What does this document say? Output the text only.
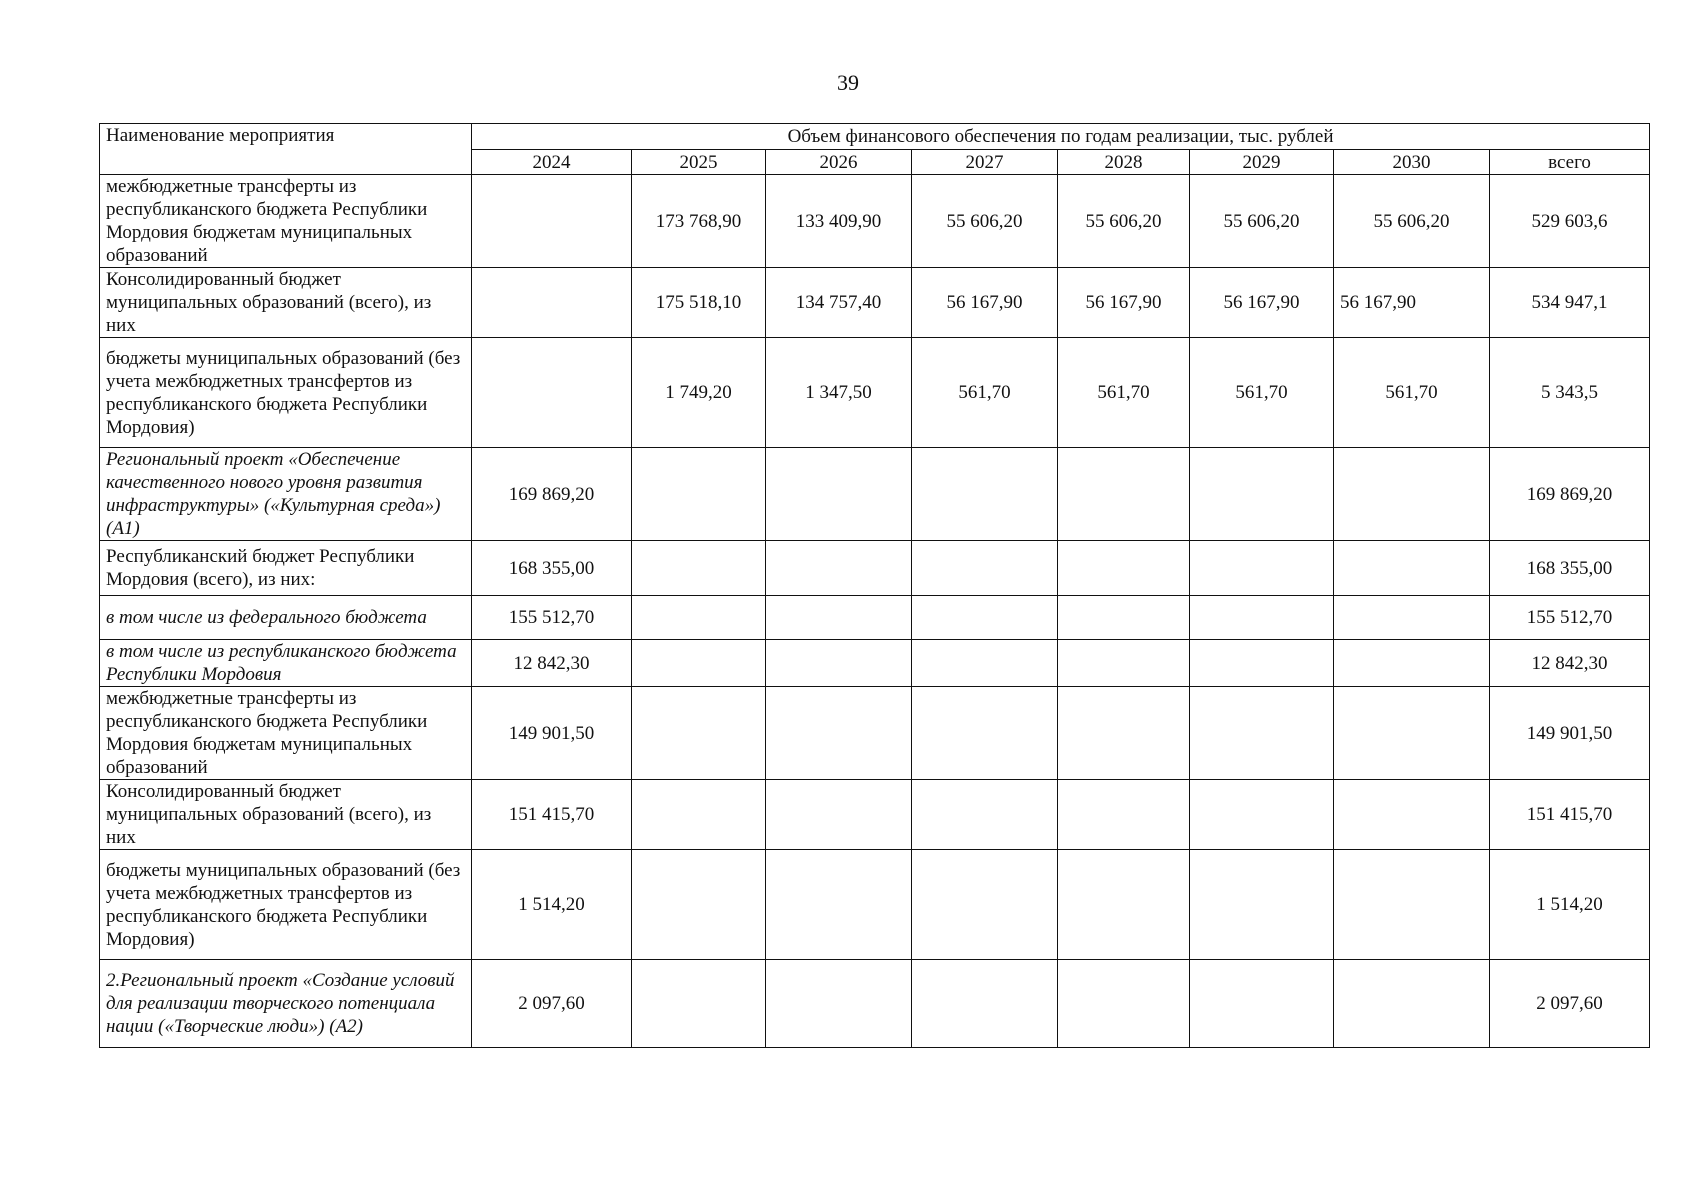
39
Наименование мероприятия	Объем финансового обеспечения по годам реализации, тыс. рублей							
	2024	2025	2026	2027	2028	2029	2030	всего
межбюджетные трансферты из республиканского бюджета Республики Мордовия бюджетам муниципальных образований		173 768,90	133 409,90	55 606,20	55 606,20	55 606,20	55 606,20	529 603,6
Консолидированный бюджет муниципальных образований (всего), из них		175 518,10	134 757,40	56 167,90	56 167,90	56 167,90	56 167,90	534 947,1
бюджеты муниципальных образований (без учета межбюджетных трансфертов из республиканского бюджета Республики Мордовия)		1 749,20	1 347,50	561,70	561,70	561,70	561,70	5 343,5
Региональный проект «Обеспечение качественного нового уровня развития инфраструктуры» («Культурная среда») (А1)	169 869,20							169 869,20
Республиканский бюджет Республики Мордовия (всего), из них:	168 355,00							168 355,00
в том числе из федерального бюджета	155 512,70							155 512,70
в том числе из республиканского бюджета Республики Мордовия	12 842,30							12 842,30
межбюджетные трансферты из республиканского бюджета Республики Мордовия бюджетам муниципальных образований	149 901,50							149 901,50
Консолидированный бюджет муниципальных образований (всего), из них	151 415,70							151 415,70
бюджеты муниципальных образований (без учета межбюджетных трансфертов из республиканского бюджета Республики Мордовия)	1 514,20							1 514,20
2.Региональный проект «Создание условий для реализации творческого потенциала нации («Творческие люди») (А2)	2 097,60							2 097,60
